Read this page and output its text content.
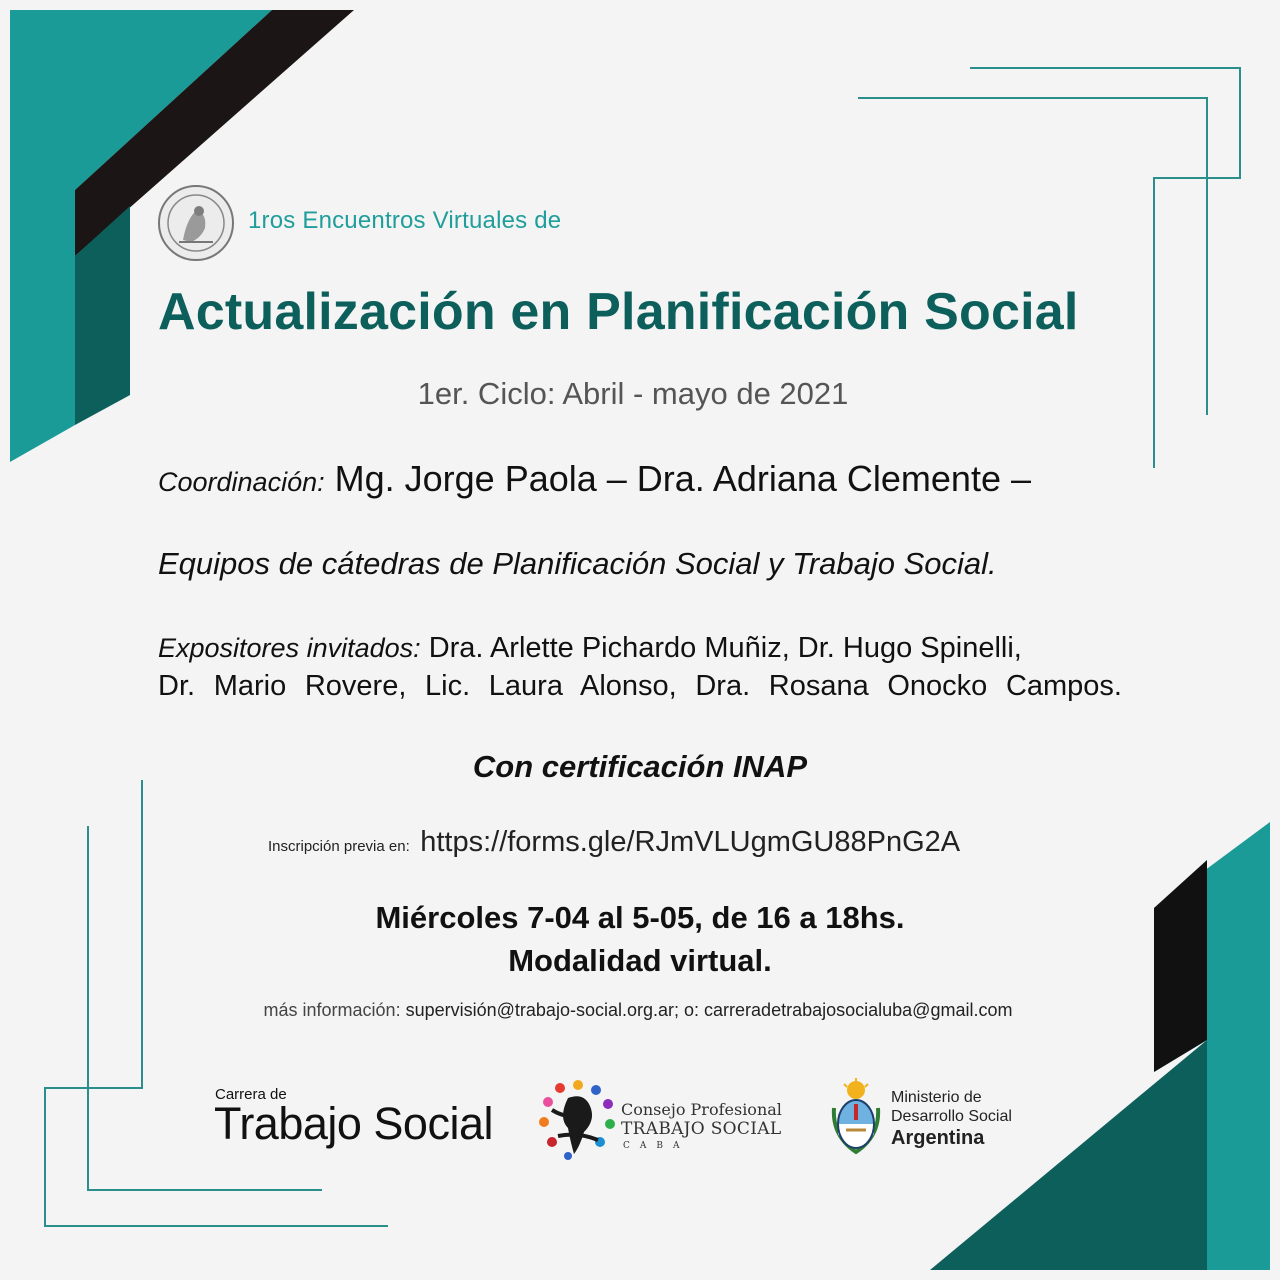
1ros Encuentros Virtuales de
Actualización en Planificación Social
1er. Ciclo: Abril - mayo de 2021
Coordinación: Mg. Jorge Paola – Dra. Adriana Clemente –
Equipos de cátedras de Planificación Social y Trabajo Social.
Expositores invitados: Dra. Arlette Pichardo Muñiz, Dr. Hugo Spinelli,
Dr. Mario Rovere, Lic. Laura Alonso, Dra. Rosana Onocko Campos.
Con certificación INAP
Inscripción previa en: https://forms.gle/RJmVLUgmGU88PnG2A
Miércoles 7-04 al 5-05, de 16 a 18hs.
Modalidad virtual.
más información: supervisión@trabajo-social.org.ar; o: carreradetrabajosocialuba@gmail.com
Carrera de
Trabajo Social	Consejo Profesional
TRABAJO SOCIAL
CABA
Ministerio de
Desarrollo Social
Argentina
